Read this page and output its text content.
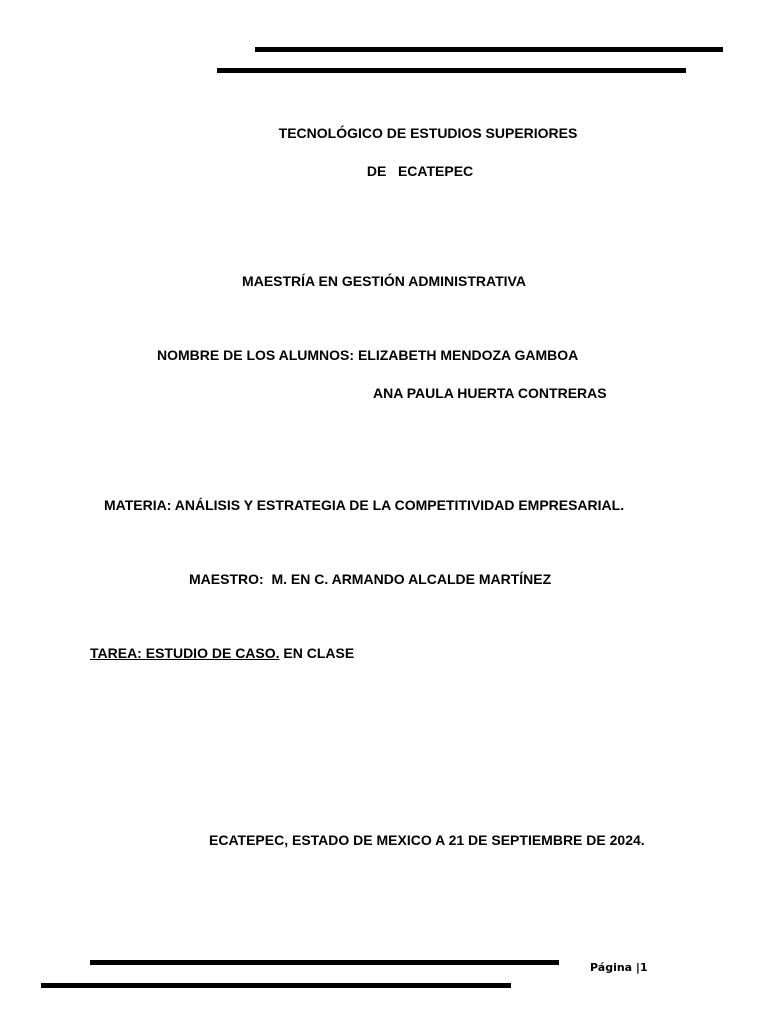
TECNOLÓGICO DE ESTUDIOS SUPERIORES
DE   ECATEPEC
MAESTRÍA EN GESTIÓN ADMINISTRATIVA
NOMBRE DE LOS ALUMNOS: ELIZABETH MENDOZA GAMBOA
ANA PAULA HUERTA CONTRERAS
MATERIA: ANÁLISIS Y ESTRATEGIA DE LA COMPETITIVIDAD EMPRESARIAL.
MAESTRO:  M. EN C. ARMANDO ALCALDE MARTÍNEZ
TAREA: ESTUDIO DE CASO. EN CLASE
ECATEPEC, ESTADO DE MEXICO A 21 DE SEPTIEMBRE DE 2024.
Página |1
